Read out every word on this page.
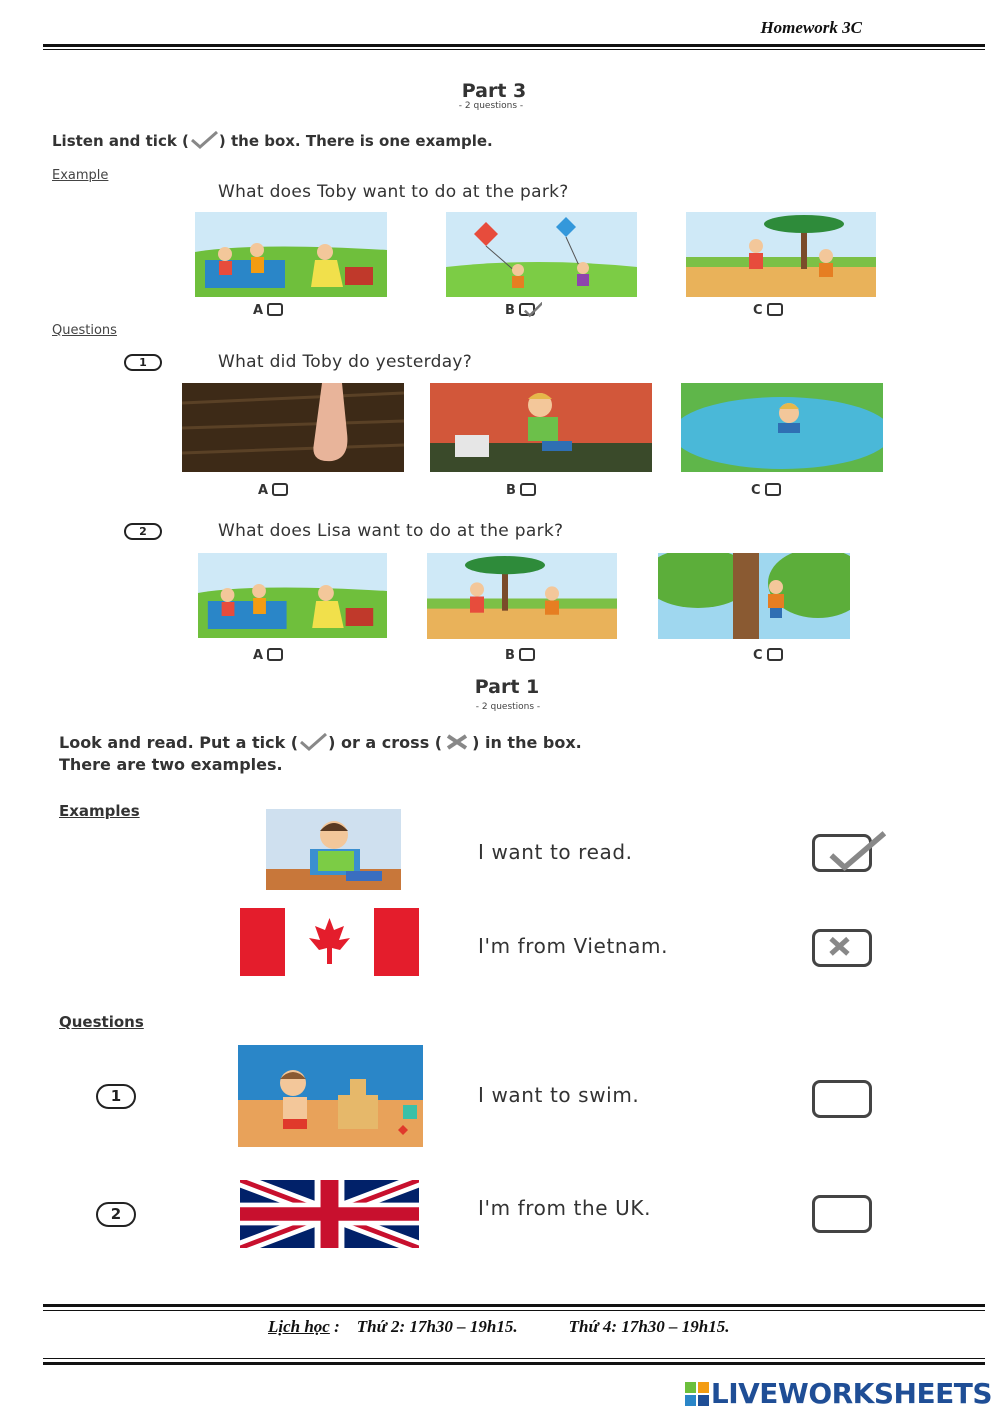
Homework 3C
Part 3
- 2 questions -
Listen and tick ( ) the box. There is one example.
Example
What does Toby want to do at the park?
A	B	C
Questions
1	What did Toby do yesterday?
A	B	C
2	What does Lisa want to do at the park?
A	B	C
Part 1
- 2 questions -
Look and read. Put a tick ( ) or a cross ( ) in the box.
There are two examples.
Examples
I want to read.
I'm from Vietnam.
Questions
1	I want to swim.
2	I'm from the UK.
Lịch học : Thứ 2: 17h30 – 19h15.	Thứ 4: 17h30 – 19h15.
LIVEWORKSHEETS
